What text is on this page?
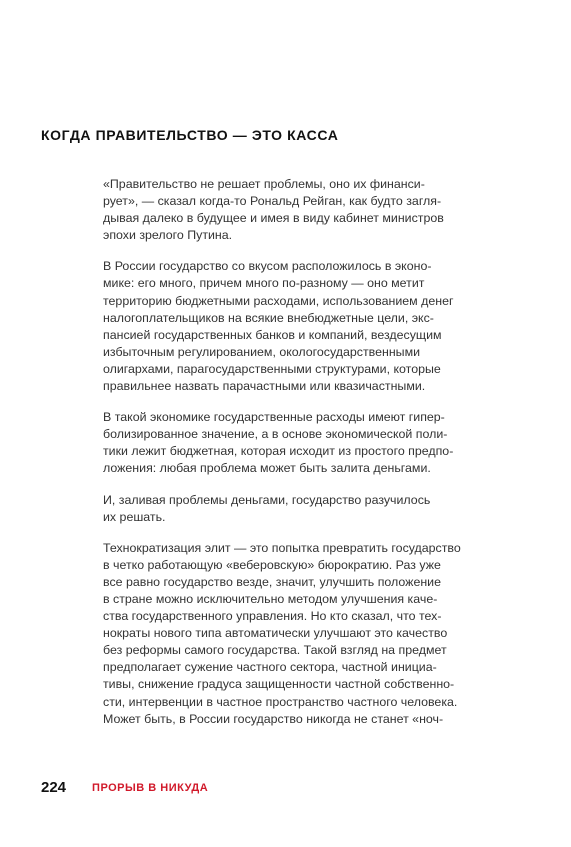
КОГДА ПРАВИТЕЛЬСТВО — ЭТО КАССА

«Правительство не решает проблемы, оно их финанси-
рует», — сказал когда-то Рональд Рейган, как будто загля-
дывая далеко в будущее и имея в виду кабинет министров
эпохи зрелого Путина.

В России государство со вкусом расположилось в эконо-
мике: его много, причем много по-разному — оно метит
территорию бюджетными расходами, использованием денег
налогоплательщиков на всякие внебюджетные цели, экс-
пансией государственных банков и компаний, вездесущим
избыточным регулированием, окологосударственными
олигархами, парагосударственными структурами, которые
правильнее назвать парачастными или квазичастными.

В такой экономике государственные расходы имеют гипер-
болизированное значение, а в основе экономической поли-
тики лежит бюджетная, которая исходит из простого предпо-
ложения: любая проблема может быть залита деньгами.

И, заливая проблемы деньгами, государство разучилось
их решать.

Технократизация элит — это попытка превратить государство
в четко работающую «веберовскую» бюрократию. Раз уже
все равно государство везде, значит, улучшить положение
в стране можно исключительно методом улучшения каче-
ства государственного управления. Но кто сказал, что тех-
нократы нового типа автоматически улучшают это качество
без реформы самого государства. Такой взгляд на предмет
предполагает сужение частного сектора, частной инициа-
тивы, снижение градуса защищенности частной собственно-
сти, интервенции в частное пространство частного человека.
Может быть, в России государство никогда не станет «ноч-

224 ПРОРЫВ В НИКУДА
